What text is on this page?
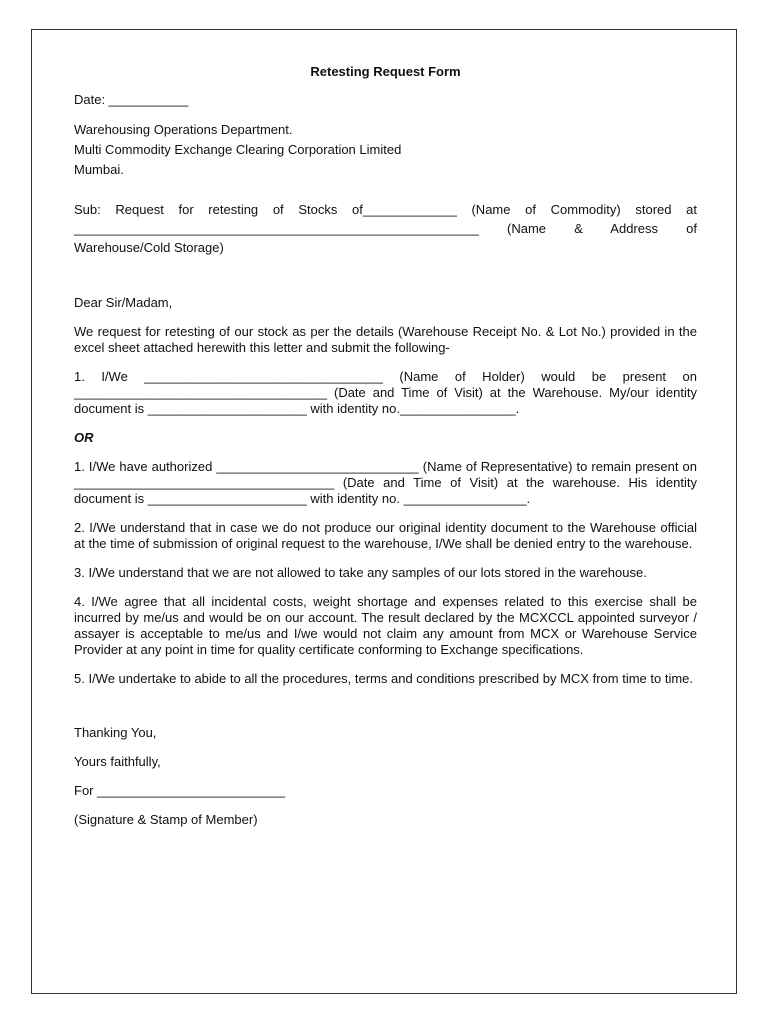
Retesting Request Form

Date: ___________

Warehousing Operations Department.
Multi Commodity Exchange Clearing Corporation Limited
Mumbai.

Sub: Request for retesting of Stocks of_____________ (Name of Commodity) stored at ________________________________________________________ (Name & Address of Warehouse/Cold Storage)

Dear Sir/Madam,

We request for retesting of our stock as per the details (Warehouse Receipt No. & Lot No.) provided in the excel sheet attached herewith this letter and submit the following-

1. I/We _________________________________ (Name of Holder) would be present on ___________________________________ (Date and Time of Visit) at the Warehouse. My/our identity document is ______________________ with identity no.________________.

OR

1. I/We have authorized ____________________________ (Name of Representative) to remain present on ____________________________________ (Date and Time of Visit) at the warehouse. His identity document is ______________________ with identity no. _________________.

2. I/We understand that in case we do not produce our original identity document to the Warehouse official at the time of submission of original request to the warehouse, I/We shall be denied entry to the warehouse.

3. I/We understand that we are not allowed to take any samples of our lots stored in the warehouse.

4. I/We agree that all incidental costs, weight shortage and expenses related to this exercise shall be incurred by me/us and would be on our account. The result declared by the MCXCCL appointed surveyor / assayer is acceptable to me/us and I/we would not claim any amount from MCX or Warehouse Service Provider at any point in time for quality certificate conforming to Exchange specifications.

5. I/We undertake to abide to all the procedures, terms and conditions prescribed by MCX from time to time.

Thanking You,

Yours faithfully,

For __________________________

(Signature & Stamp of Member)
